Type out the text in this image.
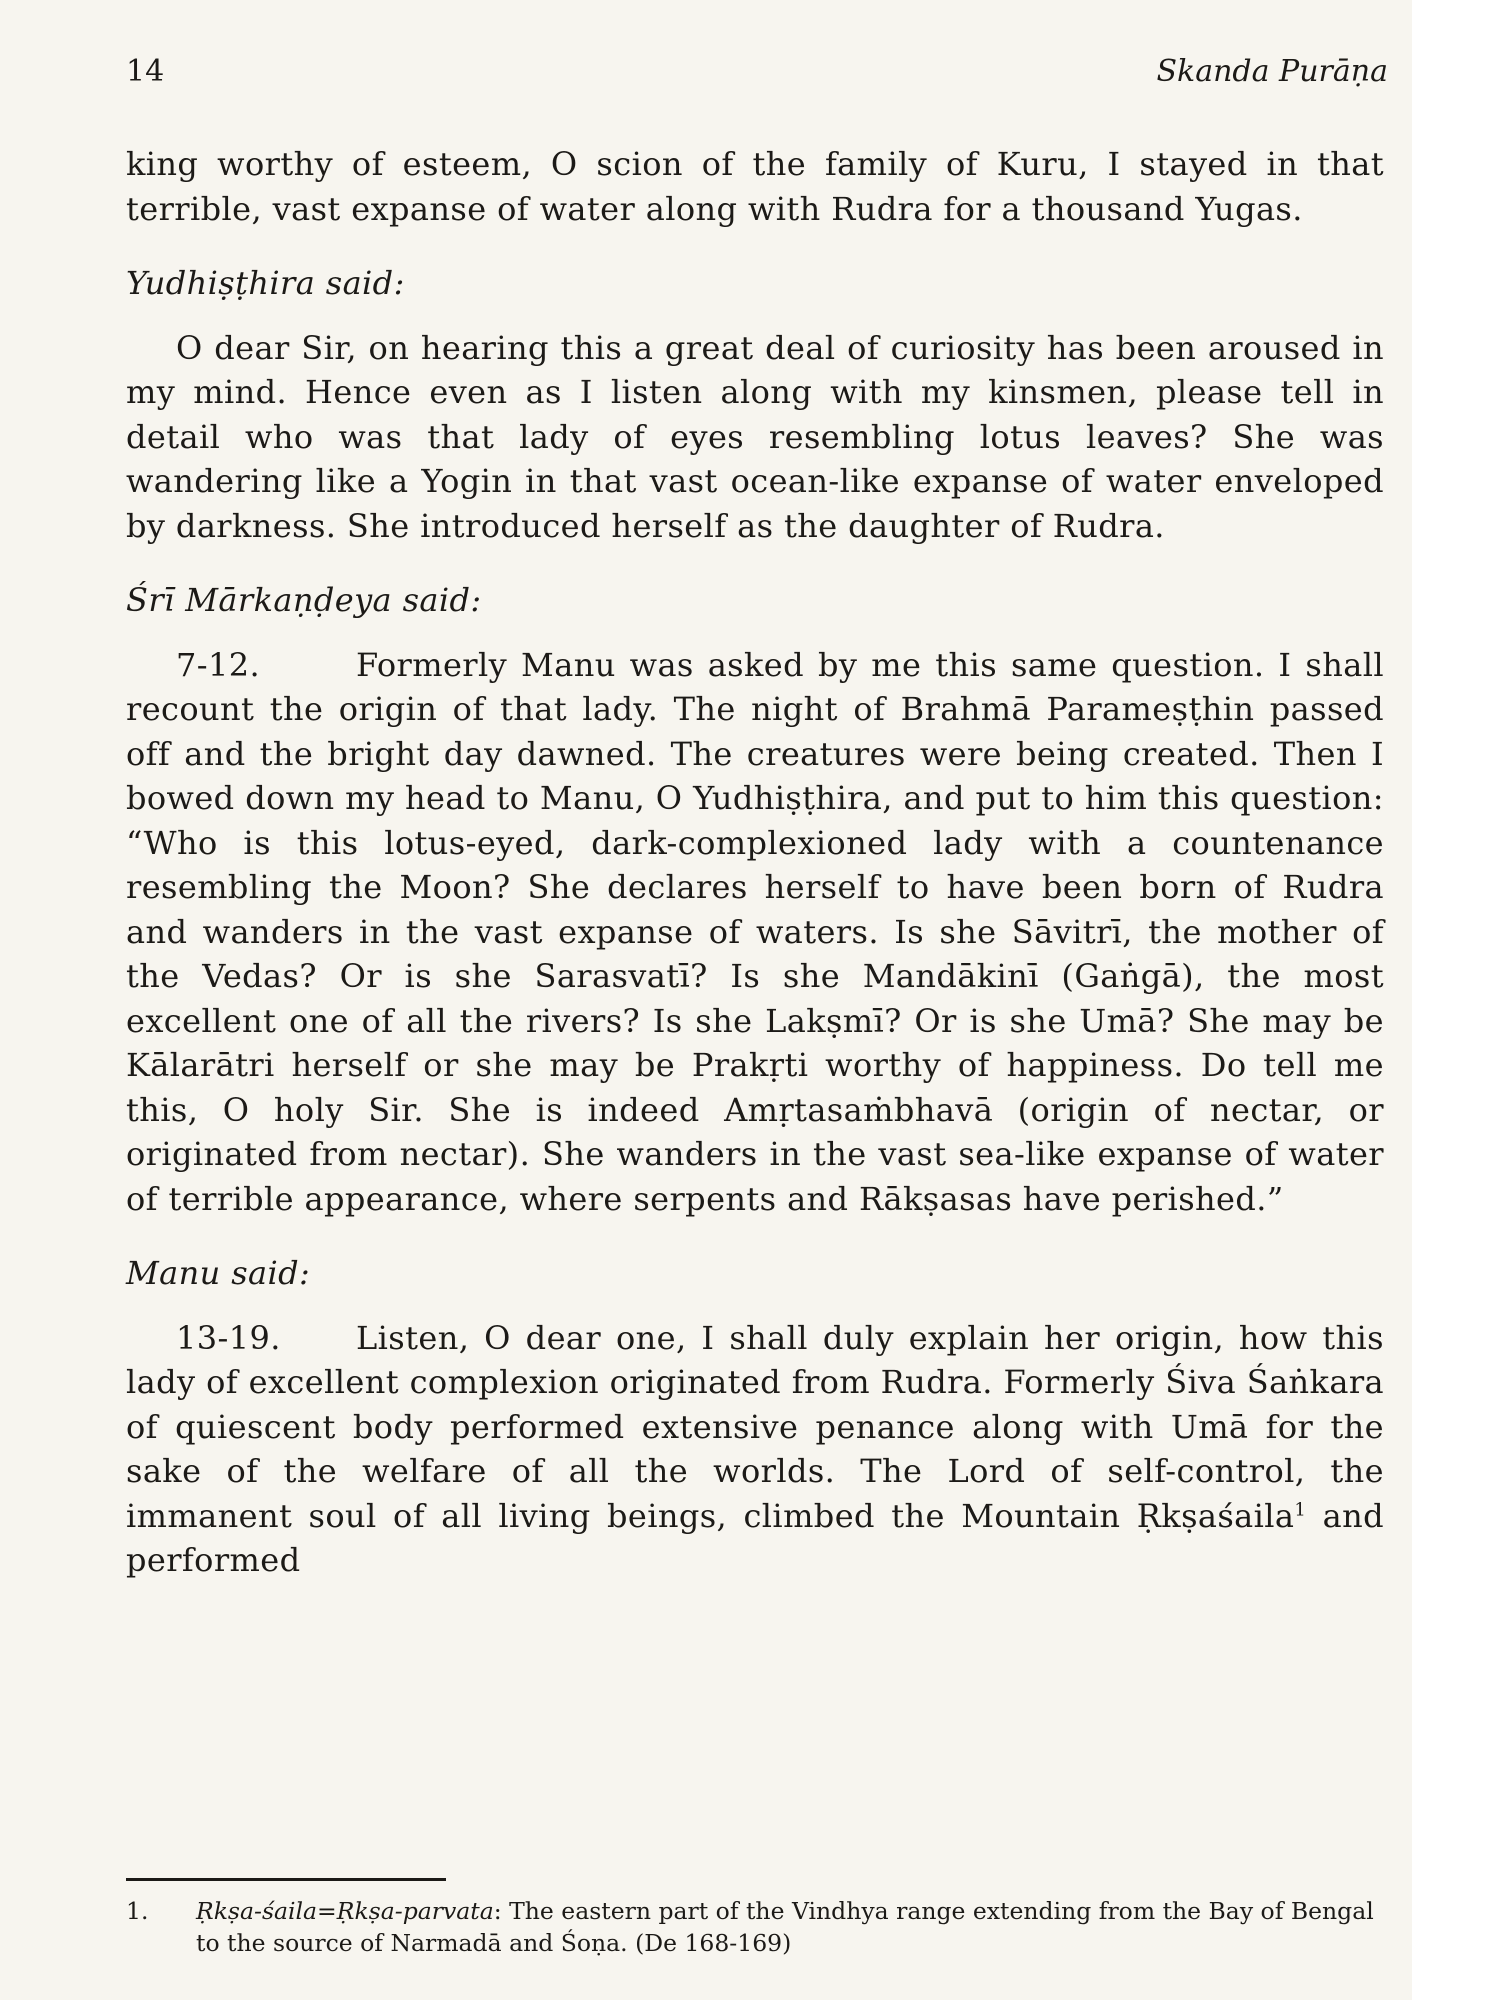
14	Skanda Purāṇa

king worthy of esteem, O scion of the family of Kuru, I stayed in that terrible, vast expanse of water along with Rudra for a thousand Yugas.

Yudhiṣṭhira said:

O dear Sir, on hearing this a great deal of curiosity has been aroused in my mind. Hence even as I listen along with my kinsmen, please tell in detail who was that lady of eyes resembling lotus leaves? She was wandering like a Yogin in that vast ocean-like expanse of water enveloped by darkness. She introduced herself as the daughter of Rudra.

Śrī Mārkaṇḍeya said:

7-12.	Formerly Manu was asked by me this same question. I shall recount the origin of that lady. The night of Brahmā Parameṣṭhin passed off and the bright day dawned. The creatures were being created. Then I bowed down my head to Manu, O Yudhiṣṭhira, and put to him this question: “Who is this lotus-eyed, dark-complexioned lady with a countenance resembling the Moon? She declares herself to have been born of Rudra and wanders in the vast expanse of waters. Is she Sāvitrī, the mother of the Vedas? Or is she Sarasvatī? Is she Mandākinī (Gaṅgā), the most excellent one of all the rivers? Is she Lakṣmī? Or is she Umā? She may be Kālarātri herself or she may be Prakṛti worthy of happiness. Do tell me this, O holy Sir. She is indeed Amṛtasaṁbhavā (origin of nectar, or originated from nectar). She wanders in the vast sea-like expanse of water of terrible appearance, where serpents and Rākṣasas have perished.”

Manu said:

13-19. Listen, O dear one, I shall duly explain her origin, how this lady of excellent complexion originated from Rudra. Formerly Śiva Śaṅkara of quiescent body performed extensive penance along with Umā for the sake of the welfare of all the worlds. The Lord of self-control, the immanent soul of all living beings, climbed the Mountain Ṛkṣaśaila$^1$ and performed

1. Ṛkṣa-śaila=Ṛkṣa-parvata: The eastern part of the Vindhya range extending from the Bay of Bengal to the source of Narmadā and Śoṇa. (De 168-169)
